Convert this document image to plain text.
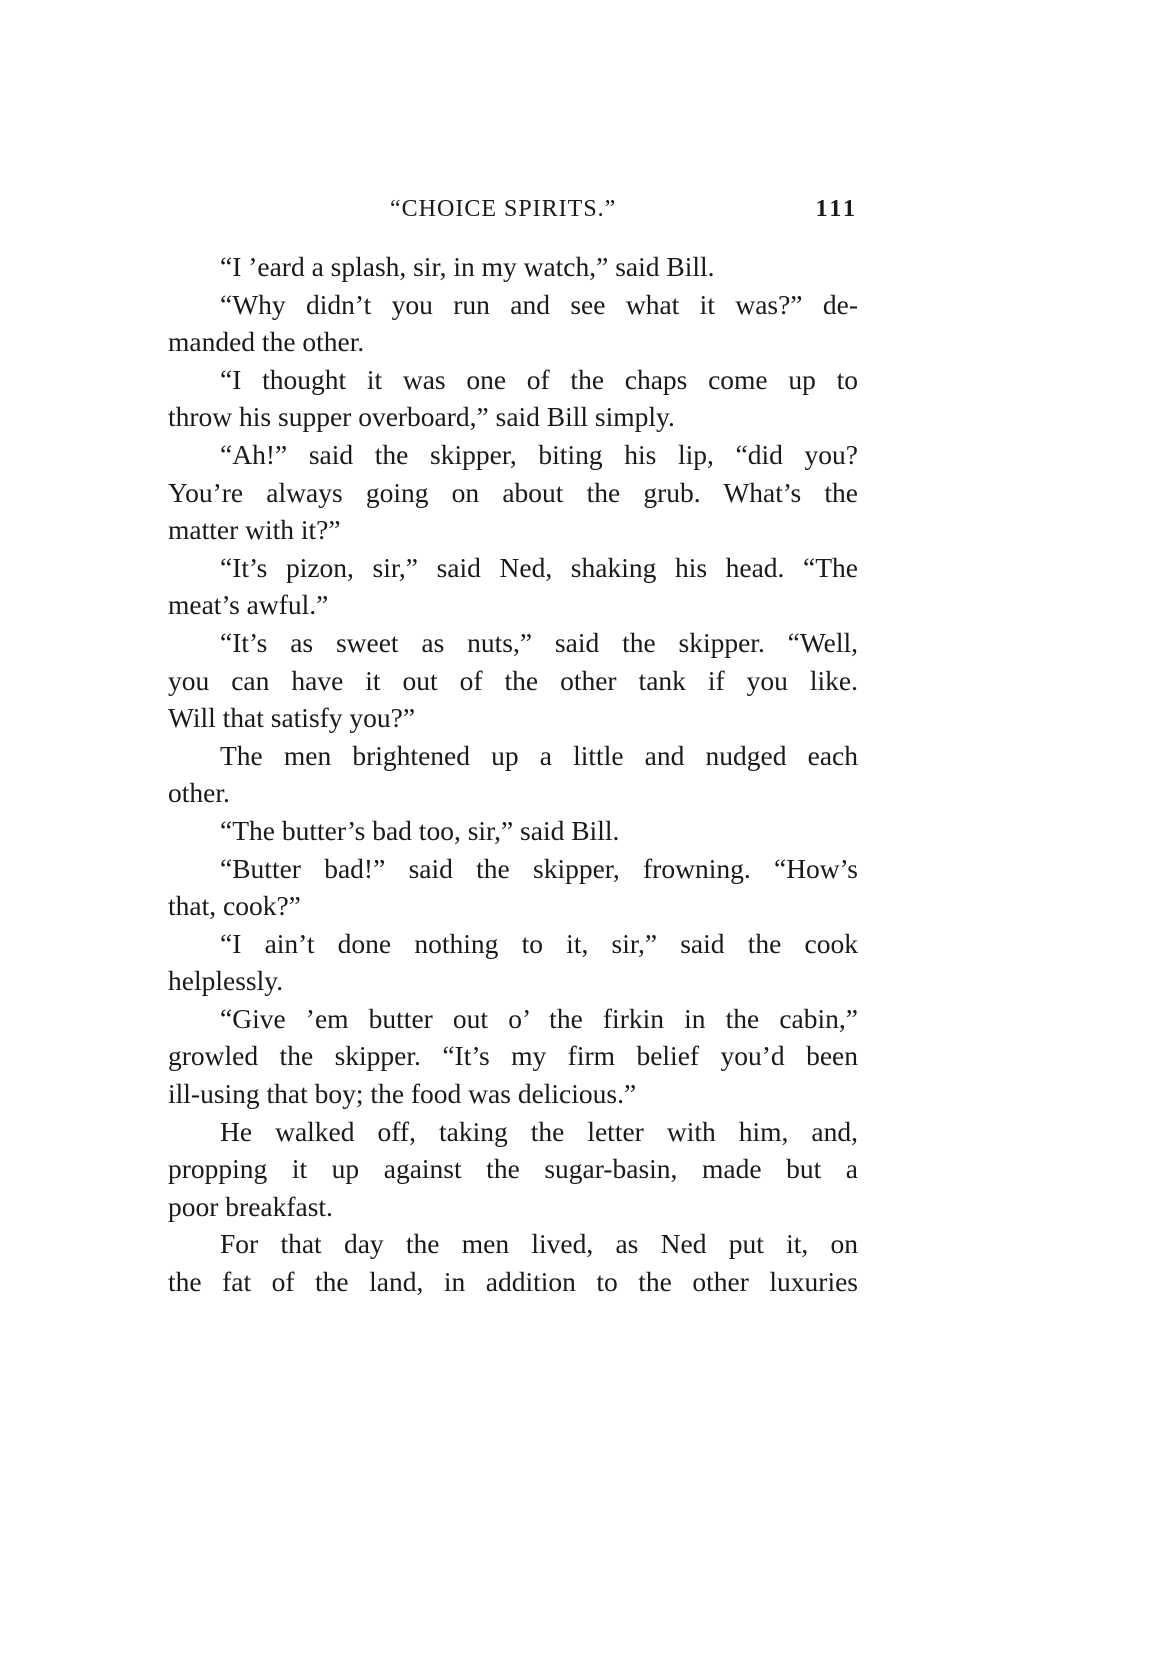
“CHOICE SPIRITS.”	111
“I ’eard a splash, sir, in my watch,” said Bill.
“Why didn’t you run and see what it was?” de-
manded the other.
“I thought it was one of the chaps come up to
throw his supper overboard,” said Bill simply.
“Ah!” said the skipper, biting his lip, “did you?
You’re always going on about the grub. What’s the
matter with it?”
“It’s pizon, sir,” said Ned, shaking his head. “The
meat’s awful.”
“It’s as sweet as nuts,” said the skipper. “Well,
you can have it out of the other tank if you like.
Will that satisfy you?”
The men brightened up a little and nudged each
other.
“The butter’s bad too, sir,” said Bill.
“Butter bad!” said the skipper, frowning. “How’s
that, cook?”
“I ain’t done nothing to it, sir,” said the cook
helplessly.
“Give ’em butter out o’ the firkin in the cabin,”
growled the skipper. “It’s my firm belief you’d been
ill-using that boy; the food was delicious.”
He walked off, taking the letter with him, and,
propping it up against the sugar-basin, made but a
poor breakfast.
For that day the men lived, as Ned put it, on
the fat of the land, in addition to the other luxuries
